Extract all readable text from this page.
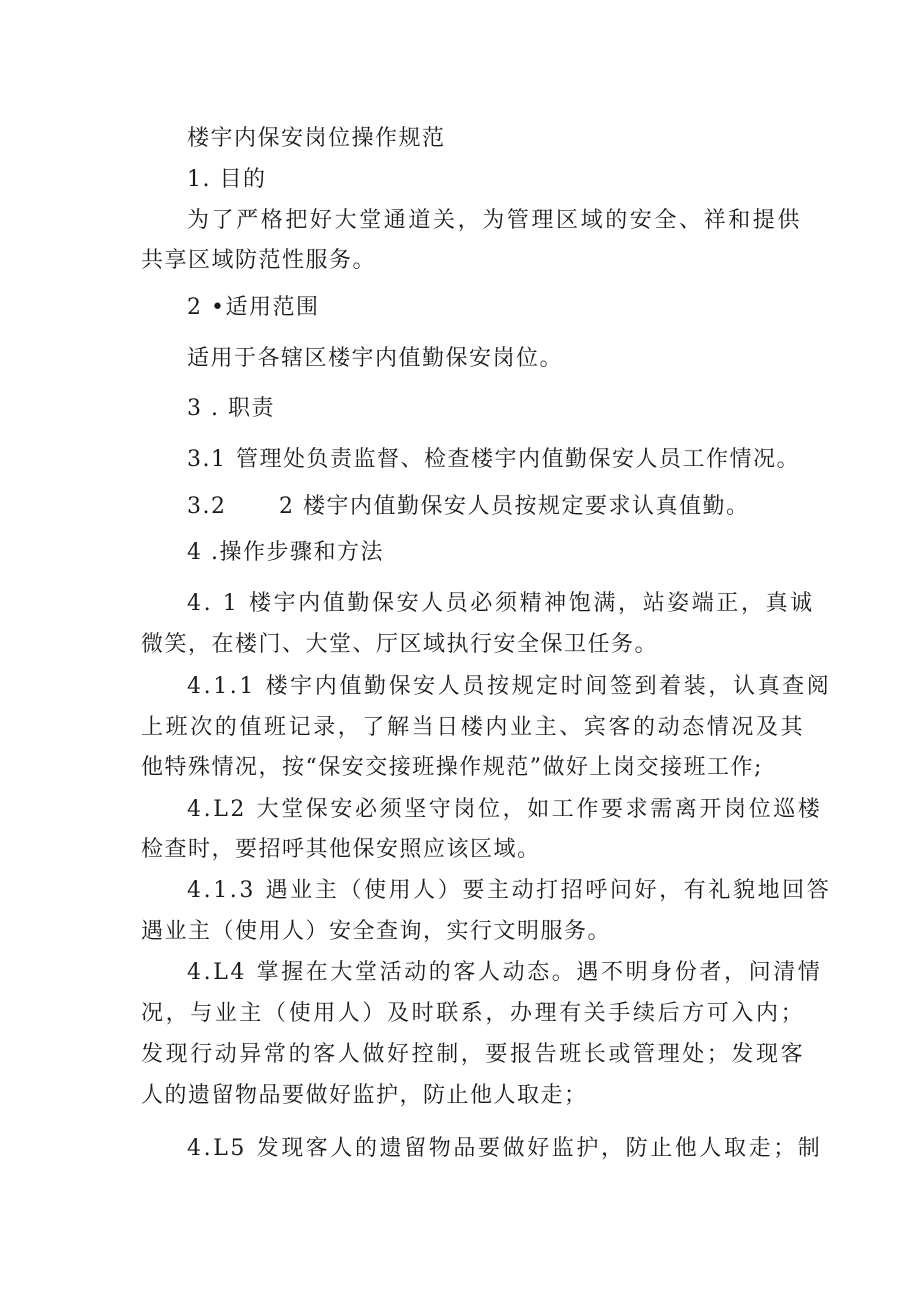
楼宇内保安岗位操作规范
1. 目的
为了严格把好大堂通道关，为管理区域的安全、祥和提供
共享区域防范性服务。
2 •适用范围
适用于各辖区楼宇内值勤保安岗位。
3 . 职责
3.1 管理处负责监督、检查楼宇内值勤保安人员工作情况。
3.2 2 楼宇内值勤保安人员按规定要求认真值勤。
4 .操作步骤和方法
4. 1 楼宇内值勤保安人员必须精神饱满，站姿端正，真诚
微笑，在楼门、大堂、厅区域执行安全保卫任务。
4.1.1 楼宇内值勤保安人员按规定时间签到着装，认真查阅
上班次的值班记录，了解当日楼内业主、宾客的动态情况及其
他特殊情况，按“保安交接班操作规范”做好上岗交接班工作;
4.L2 大堂保安必须坚守岗位，如工作要求需离开岗位巡楼
检查时，要招呼其他保安照应该区域。
4.1.3 遇业主（使用人）要主动打招呼问好，有礼貌地回答
遇业主（使用人）安全查询，实行文明服务。
4.L4 掌握在大堂活动的客人动态。遇不明身份者，问清情
况，与业主（使用人）及时联系，办理有关手续后方可入内；
发现行动异常的客人做好控制，要报告班长或管理处；发现客
人的遗留物品要做好监护，防止他人取走；
4.L5 发现客人的遗留物品要做好监护，防止他人取走；制
